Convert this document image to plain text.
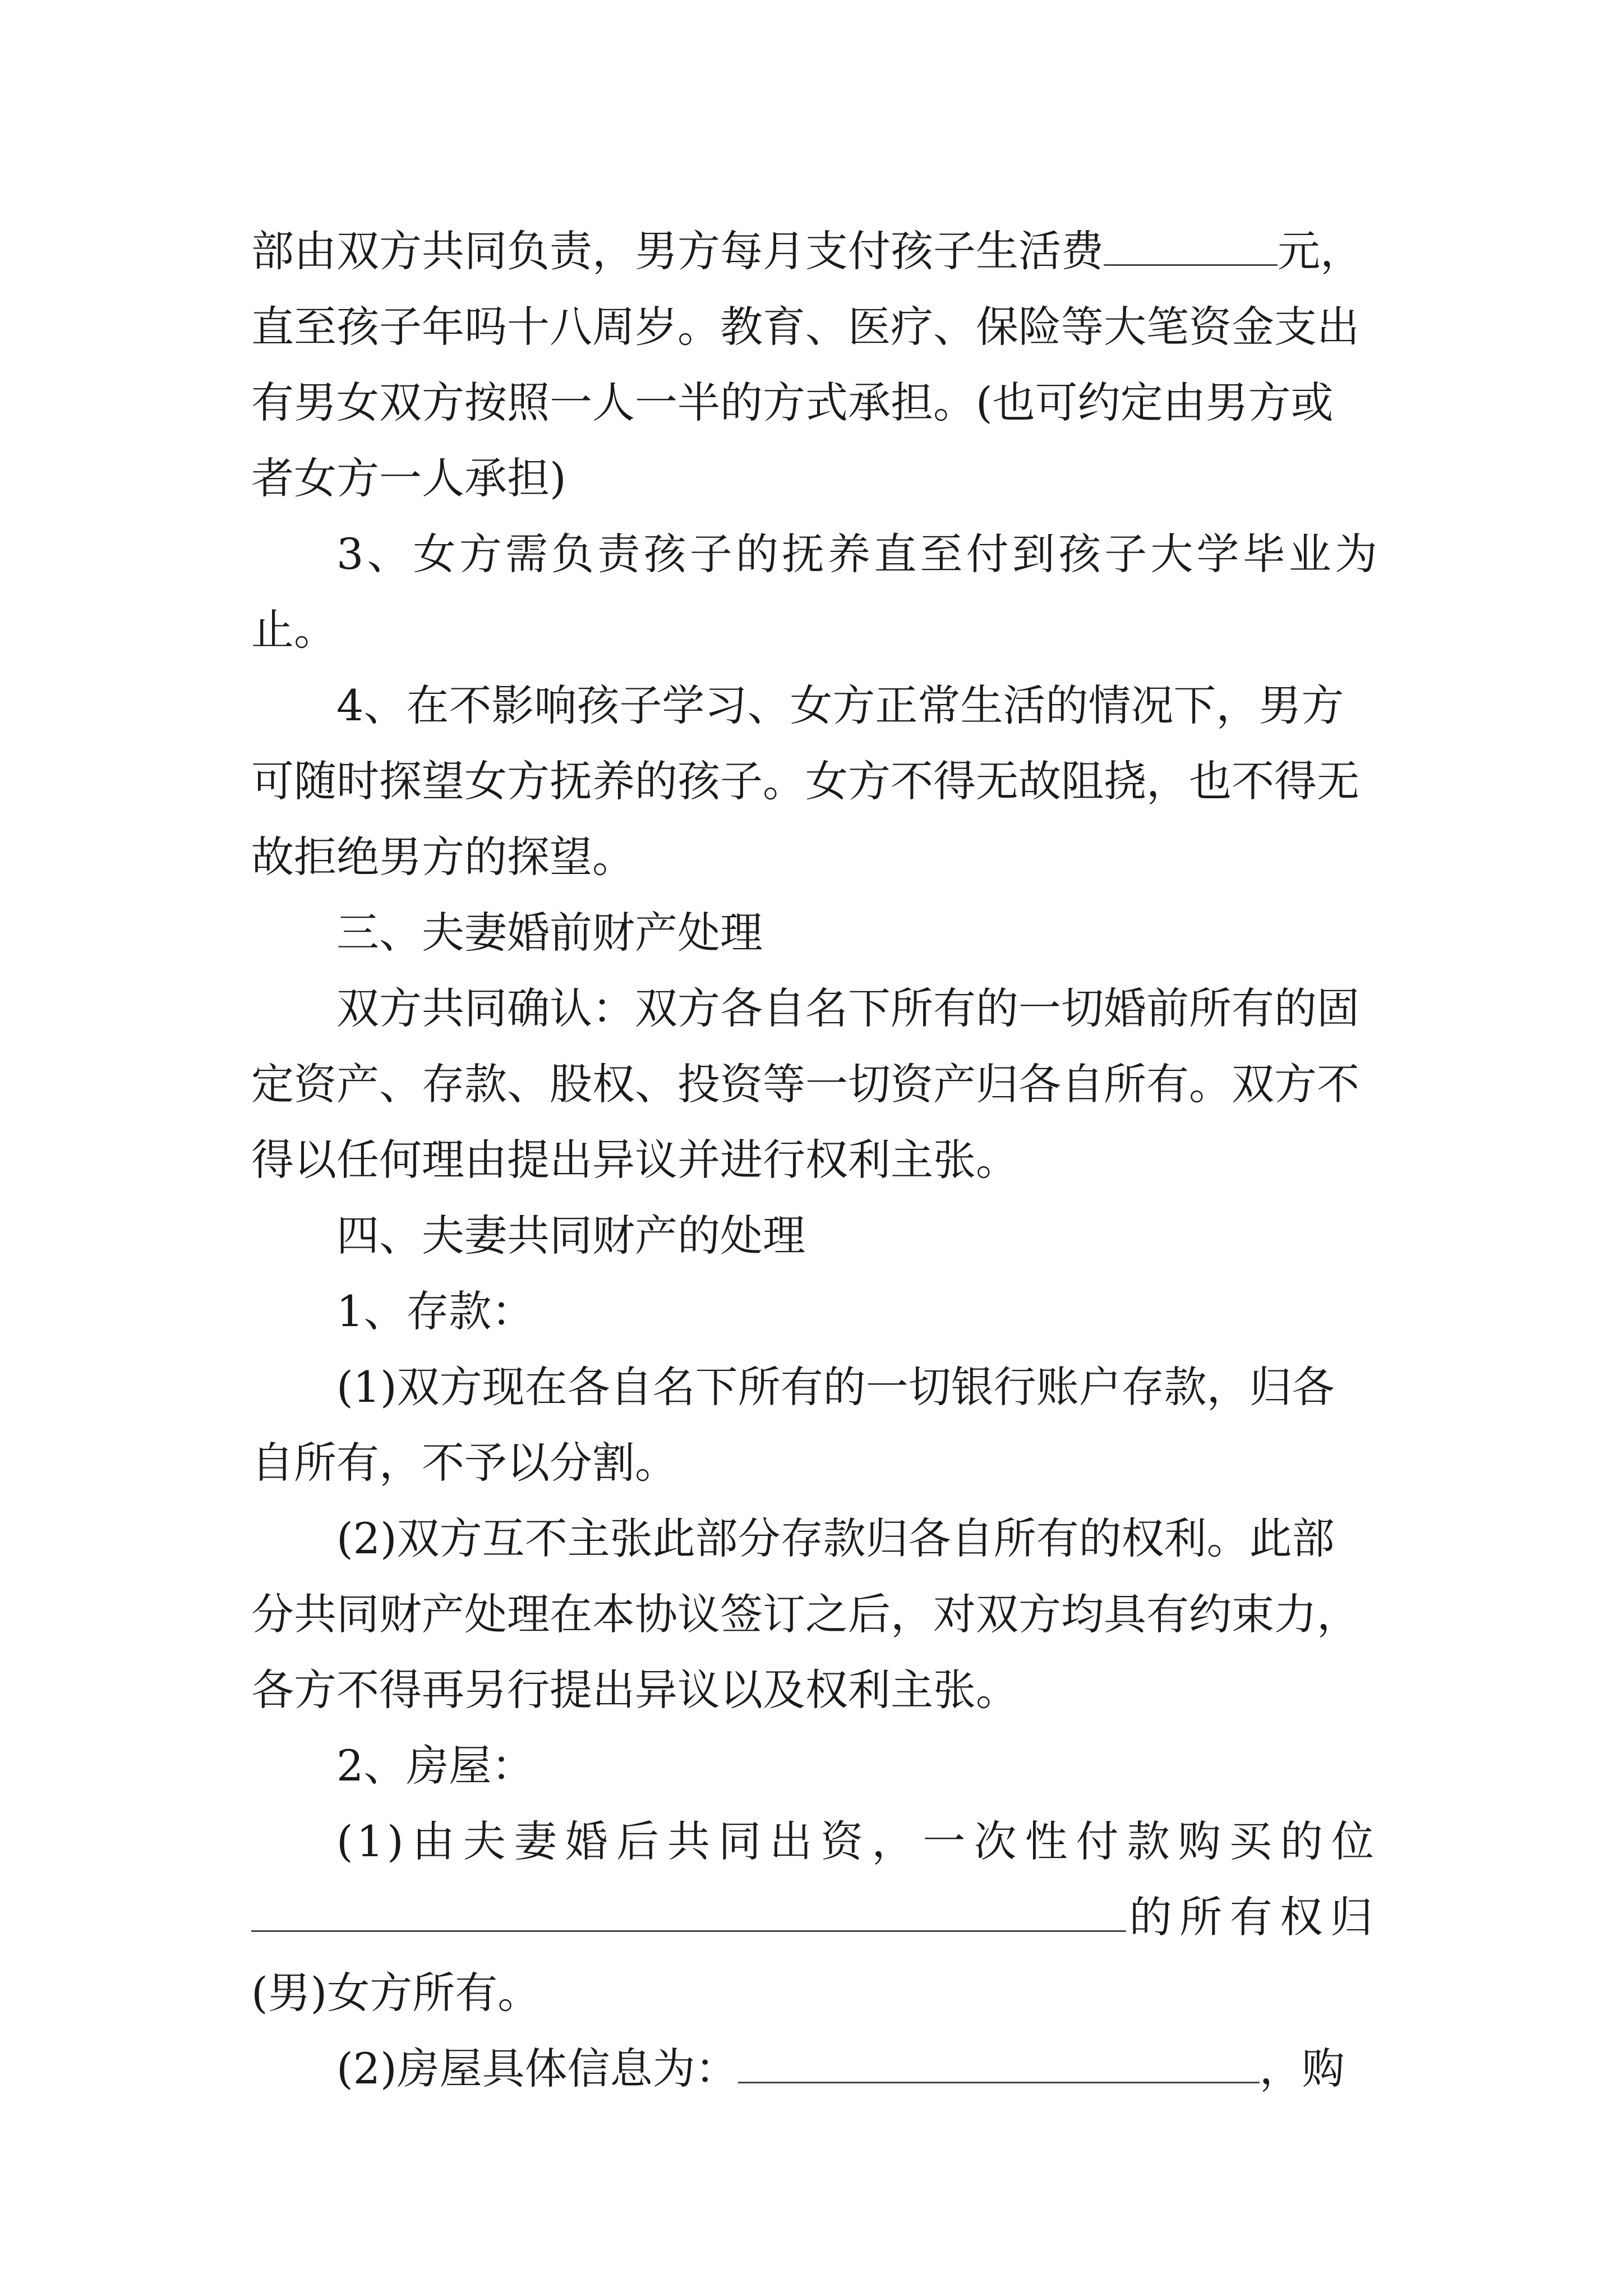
部由双方共同负责，男方每月支付孩子生活费	元，
直至孩子年吗十八周岁。教育、医疗、保险等大笔资金支出
有男女双方按照一人一半的方式承担。(也可约定由男方或
者女方一人承担)

3、女方需负责孩子的抚养直至付到孩子大学毕业为止。

4、在不影响孩子学习、女方正常生活的情况下，男方

可随时探望女方抚养的孩子。女方不得无故阻挠，也不得无
故拒绝男方的探望。

三、夫妻婚前财产处理

双方共同确认：双方各自名下所有的一切婚前所有的固

定资产、存款、股权、投资等一切资产归各自所有。双方不
得以任何理由提出异议并进行权利主张。

四、夫妻共同财产的处理

1、存款：

(1)双方现在各自名下所有的一切银行账户存款，归各

自所有，不予以分割。

(2)双方互不主张此部分存款归各自所有的权利。此部

分共同财产处理在本协议签订之后，对双方均具有约束力，
各方不得再另行提出异议以及权利主张。

2、房屋：

(1)由夫妻婚后共同出资，一次性付款购买的位

的所有权归

(男)女方所有。

(2)房屋具体信息为：	，购
